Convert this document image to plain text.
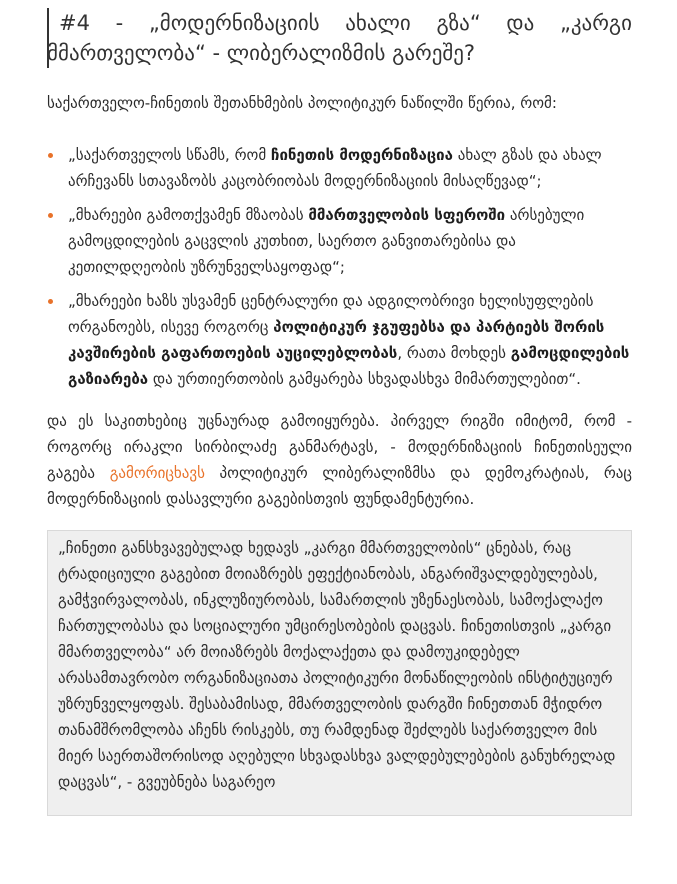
#4 - „მოდერნიზაციის ახალი გზა“ და „კარგი
მმართველობა“ - ლიბერალიზმის გარეშე?

საქართველო-ჩინეთის შეთანხმების პოლიტიკურ ნაწილში წერია, რომ:

„საქართველოს სწამს, რომ ჩინეთის მოდერნიზაცია ახალ გზას და ახალ არჩევანს სთავაზობს კაცობრიობას მოდერნიზაციის მისაღწევად“;
„მხარეები გამოთქვამენ მზაობას მმართველობის სფეროში არსებული გამოცდილების გაცვლის კუთხით, საერთო განვითარებისა და კეთილდღეობის უზრუნველსაყოფად“;
„მხარეები ხაზს უსვამენ ცენტრალური და ადგილობრივი ხელისუფლების ორგანოებს, ისევე როგორც პოლიტიკურ ჯგუფებსა და პარტიებს შორის კავშირების გაფართოების აუცილებლობას, რათა მოხდეს გამოცდილების გაზიარება და ურთიერთობის გამყარება სხვადასხვა მიმართულებით“.

და ეს საკითხებიც უცნაურად გამოიყურება. პირველ რიგში იმიტომ, რომ - როგორც ირაკლი სირბილაძე განმარტავს, - მოდერნიზაციის ჩინეთისეული გაგება გამორიცხავს პოლიტიკურ ლიბერალიზმსა და დემოკრატიას, რაც მოდერნიზაციის დასავლური გაგებისთვის ფუნდამენტურია.

„ჩინეთი განსხვავებულად ხედავს „კარგი მმართველობის“ ცნებას, რაც ტრადიციული გაგებით მოიაზრებს ეფექტიანობას, ანგარიშვალდებულებას, გამჭვირვალობას, ინკლუზიურობას, სამართლის უზენაესობას, სამოქალაქო ჩართულობასა და სოციალური უმცირესობების დაცვას. ჩინეთისთვის „კარგი მმართველობა“ არ მოიაზრებს მოქალაქეთა და დამოუკიდებელ არასამთავრობო ორგანიზაციათა პოლიტიკური მონაწილეობის ინსტიტუციურ უზრუნველყოფას. შესაბამისად, მმართველობის დარგში ჩინეთთან მჭიდრო თანამშრომლობა აჩენს რისკებს, თუ რამდენად შეძლებს საქართველო მის მიერ საერთაშორისოდ აღებული სხვადასხვა ვალდებულებების განუხრელად დაცვას“, - გვეუბნება საგარეო
